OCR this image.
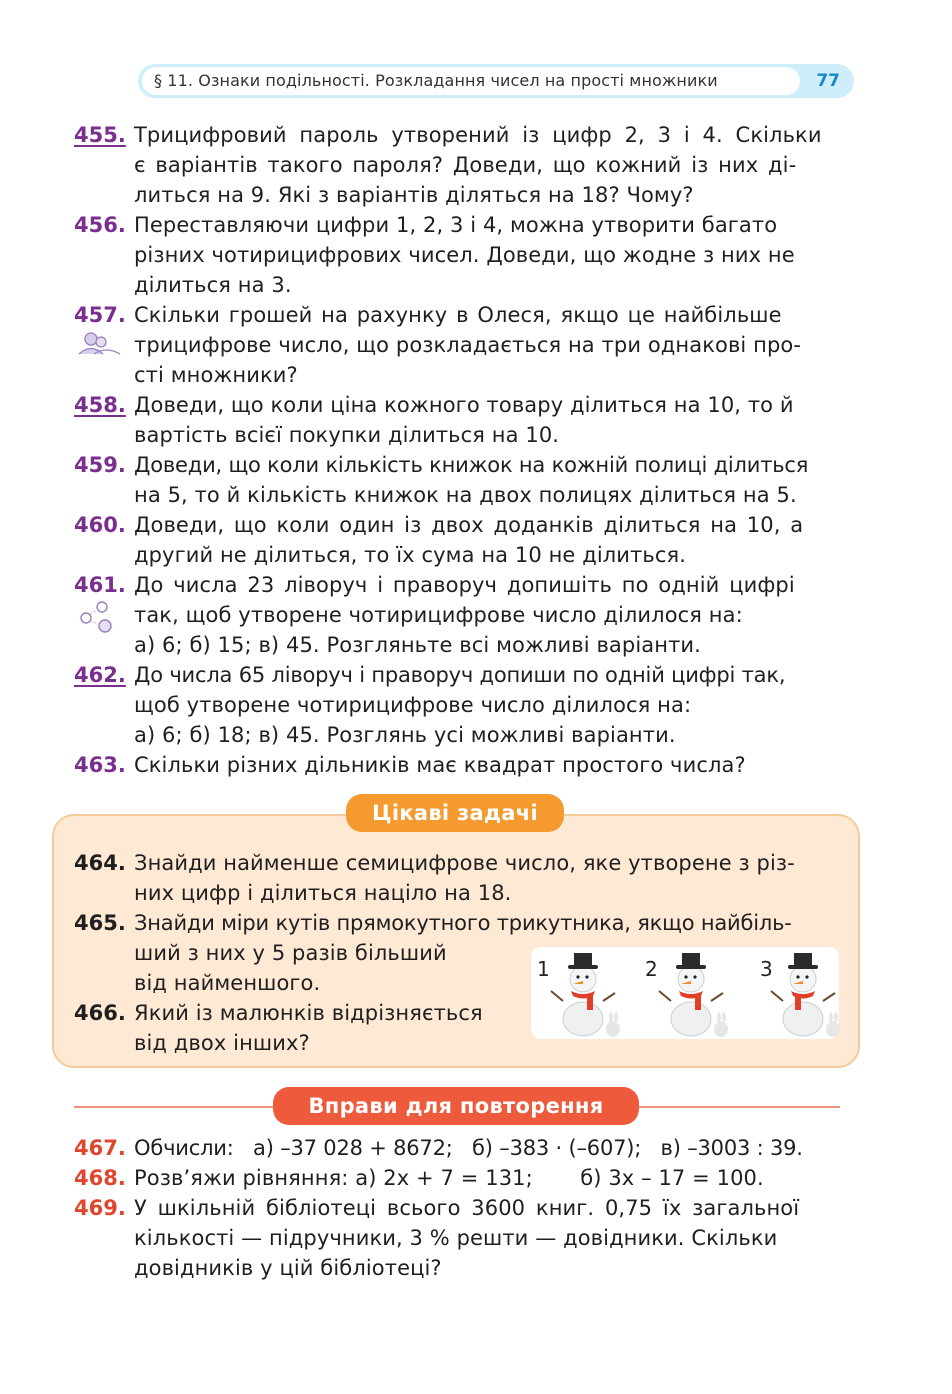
§ 11. Ознаки подільності. Розкладання чисел на прості множники	77
455. Трицифровий пароль утворений із цифр 2, 3 і 4. Скільки
є варіантів такого пароля? Доведи, що кожний із них ді-
литься на 9. Які з варіантів діляться на 18? Чому?
456. Переставляючи цифри 1, 2, 3 і 4, можна утворити багато
різних чотирицифрових чисел. Доведи, що жодне з них не
ділиться на 3.
457. Скільки грошей на рахунку в Олеся, якщо це найбільше
трицифрове число, що розкладається на три однакові про-
сті множники?
458. Доведи, що коли ціна кожного товару ділиться на 10, то й
вартість всієї покупки ділиться на 10.
459. Доведи, що коли кількість книжок на кожній полиці ділиться
на 5, то й кількість книжок на двох полицях ділиться на 5.
460. Доведи, що коли один із двох доданків ділиться на 10, а
другий не ділиться, то їх сума на 10 не ділиться.
461. До числа 23 ліворуч і праворуч допишіть по одній цифрі
так, щоб утворене чотирицифрове число ділилося на:
а) 6; б) 15; в) 45. Розгляньте всі можливі варіанти.
462. До числа 65 ліворуч і праворуч допиши по одній цифрі так,
щоб утворене чотирицифрове число ділилося на:
а) 6; б) 18; в) 45. Розглянь усі можливі варіанти.
463. Скільки різних дільників має квадрат простого числа?
Цікаві задачі
464. Знайди найменше семицифрове число, яке утворене з різ-
них цифр і ділиться націло на 18.
465. Знайди міри кутів прямокутного трикутника, якщо найбіль-
ший з них у 5 разів більший
від найменшого.
466. Який із малюнків відрізняється
від двох інших?
1	2	3
Вправи для повторення
467. Обчисли:   а) –37 028 + 8672;   б) –383 · (–607);   в) –3003 : 39.
468. Розв’яжи рівняння: а) 2x + 7 = 131;       б) 3x – 17 = 100.
469. У шкільній бібліотеці всього 3600 книг. 0,75 їх загальної
кількості — підручники, 3 % решти — довідники. Скільки
довідників у цій бібліотеці?
